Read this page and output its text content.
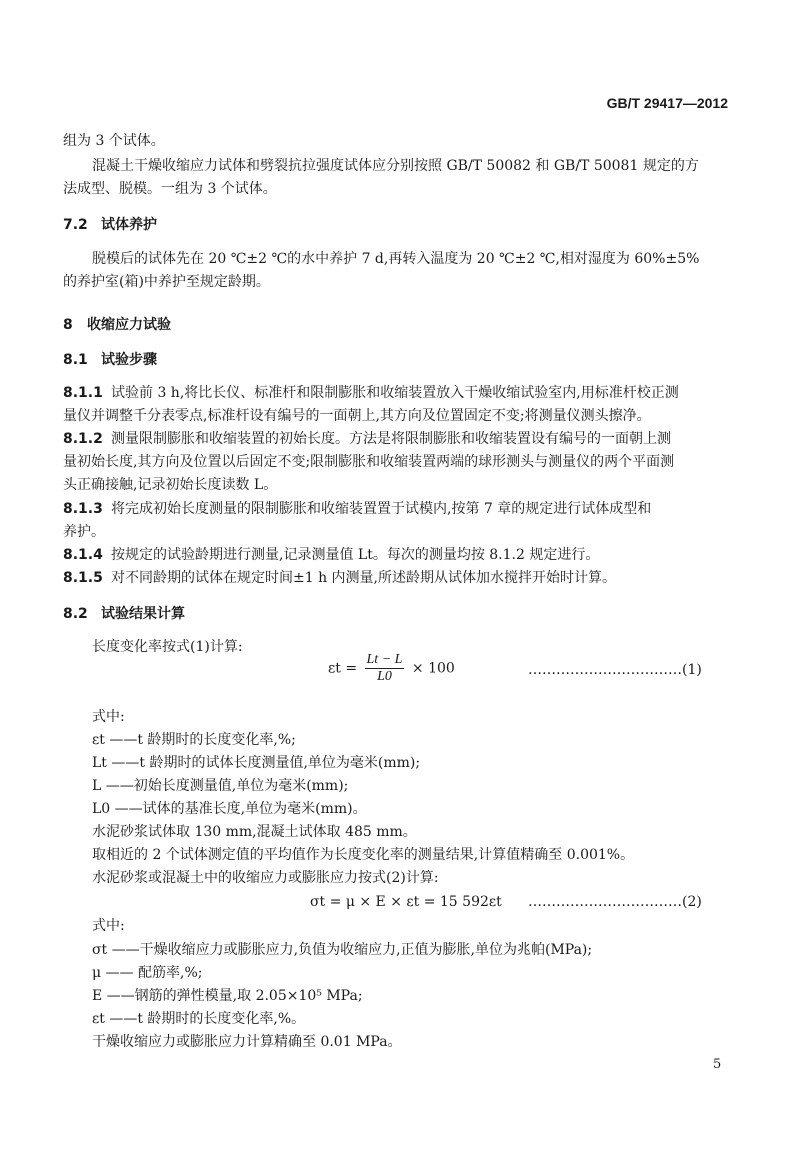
GB/T 29417—2012
组为 3 个试体。
混凝土干燥收缩应力试体和劈裂抗拉强度试体应分别按照 GB/T 50082 和 GB/T 50081 规定的方
法成型、脱模。一组为 3 个试体。
7.2 试体养护
脱模后的试体先在 20 ℃±2 ℃的水中养护 7 d,再转入温度为 20 ℃±2 ℃,相对湿度为 60%±5%
的养护室(箱)中养护至规定龄期。
8 收缩应力试验
8.1 试验步骤
8.1.1 试验前 3 h,将比长仪、标准杆和限制膨胀和收缩装置放入干燥收缩试验室内,用标准杆校正测
量仪并调整千分表零点,标准杆设有编号的一面朝上,其方向及位置固定不变;将测量仪测头擦净。
8.1.2 测量限制膨胀和收缩装置的初始长度。方法是将限制膨胀和收缩装置设有编号的一面朝上测
量初始长度,其方向及位置以后固定不变;限制膨胀和收缩装置两端的球形测头与测量仪的两个平面测
头正确接触,记录初始长度读数 L。
8.1.3 将完成初始长度测量的限制膨胀和收缩装置置于试模内,按第 7 章的规定进行试体成型和
养护。
8.1.4 按规定的试验龄期进行测量,记录测量值 Lt。每次的测量均按 8.1.2 规定进行。
8.1.5 对不同龄期的试体在规定时间±1 h 内测量,所述龄期从试体加水搅拌开始时计算。
8.2 试验结果计算
长度变化率按式(1)计算:
$\varepsilon t = \frac{Lt - L}{L0} \times 100$	……………………………(1)
式中:
εt ——t 龄期时的长度变化率,%;
Lt ——t 龄期时的试体长度测量值,单位为毫米(mm);
L ——初始长度测量值,单位为毫米(mm);
L0 ——试体的基准长度,单位为毫米(mm)。
水泥砂浆试体取 130 mm,混凝土试体取 485 mm。
取相近的 2 个试体测定值的平均值作为长度变化率的测量结果,计算值精确至 0.001%。
水泥砂浆或混凝土中的收缩应力或膨胀应力按式(2)计算:
σt = μ × E × εt = 15 592εt ……………………………(2)
式中:
σt ——干燥收缩应力或膨胀应力,负值为收缩应力,正值为膨胀,单位为兆帕(MPa);
μ —— 配筋率,%;
E ——钢筋的弹性模量,取 2.05×10⁵ MPa;
εt ——t 龄期时的长度变化率,%。
干燥收缩应力或膨胀应力计算精确至 0.01 MPa。
5
